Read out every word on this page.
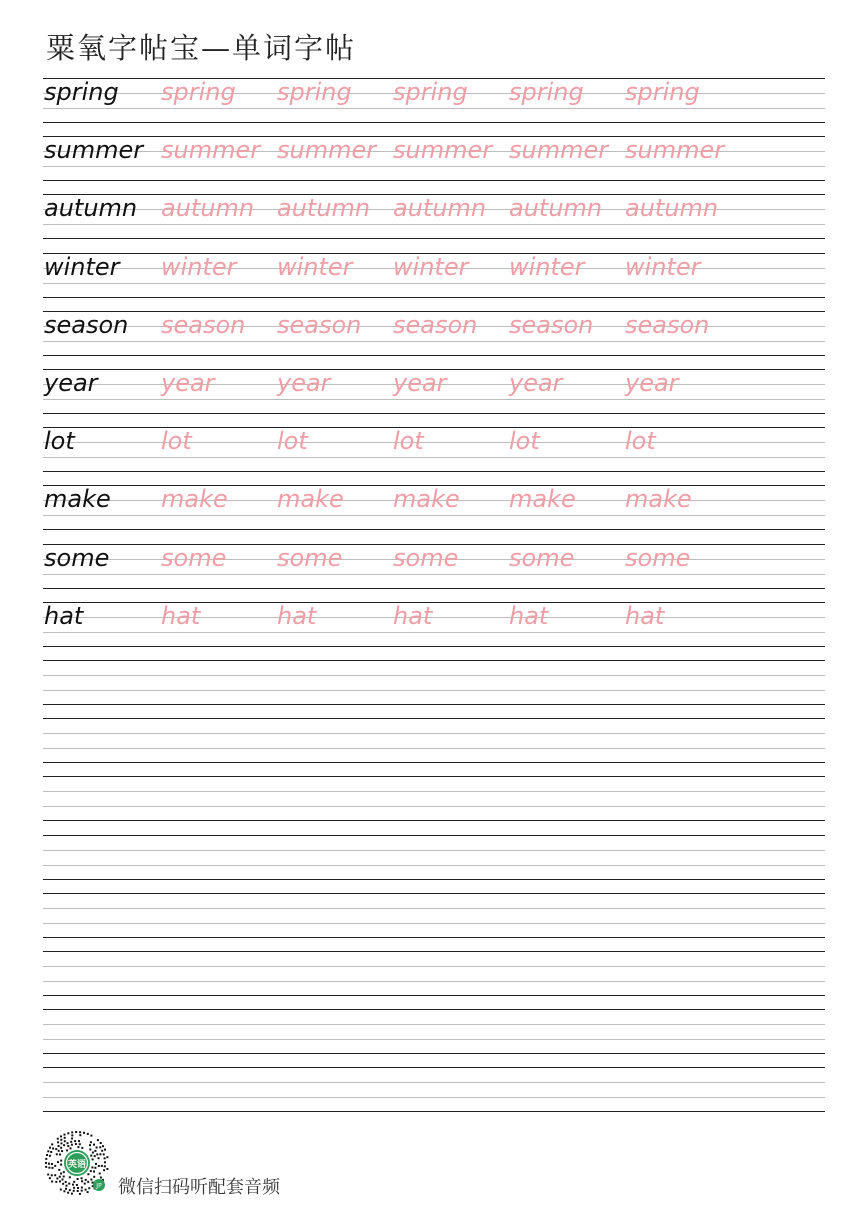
粟氧字帖宝—单词字帖
spring spring spring spring spring spring
summer summer summer summer summer summer
autumn autumn autumn autumn autumn autumn
winter winter winter winter winter winter
season season season season season season
year	year	year	year	year	year
lot	lot	lot	lot	lot	lot
make make make make make make
some some some some some some
hat	hat	hat	hat	hat	hat
英语
JP 微信扫码听配套音频
